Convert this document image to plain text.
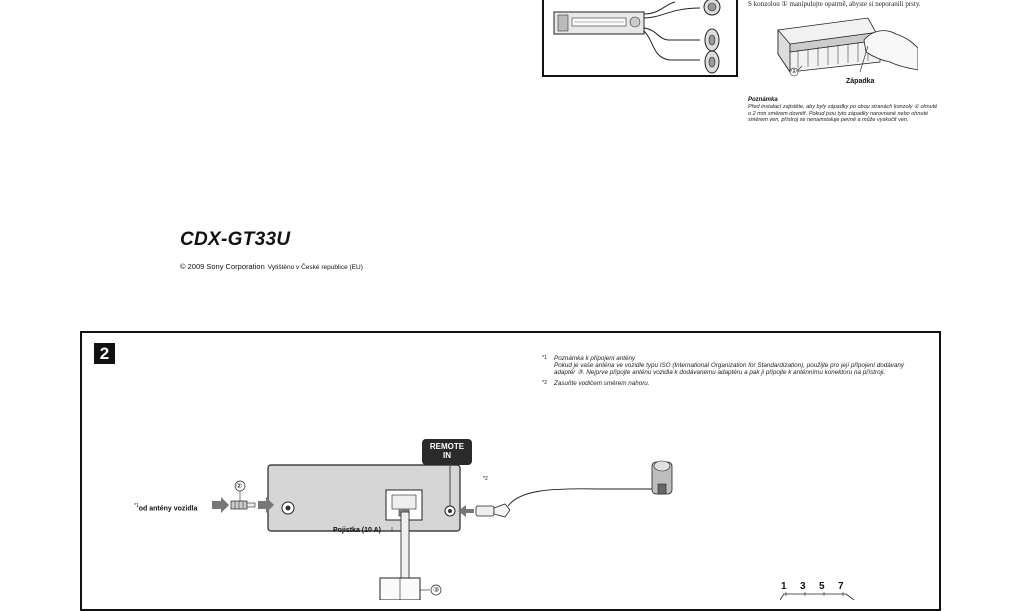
①
S konzolou ① manipulujte opatrně, abyste si neporanili prsty.
Západka
Poznámka
Před instalací zajistěte, aby byly západky po obou stranách konzoly ① ohnuté o 2 mm směrem dovnitř. Pokud jsou tyto západky narovnané nebo ohnuté směrem ven, přístroj se nenainstaluje pevně a může vyskočit ven.
CDX-GT33U
© 2009 Sony Corporation Vytištěno v České republice (EU)
2	*1 Poznámka k připojení antény
Pokud je vaše anténa ve vozidle typu ISO (International Organization for Standardization), použijte pro její připojení dodávaný adaptér ③. Nejprve připojte anténu vozidla k dodávanému adaptéru a pak ji připojte k anténnímu konektoru na přístroji.

*2 Zasuňte vodičem směrem nahoru.

REMOTE
IN
$^{*1}$od antény vozidla
Pojistka (10 A)
*2
②
③	1 3 5 7
